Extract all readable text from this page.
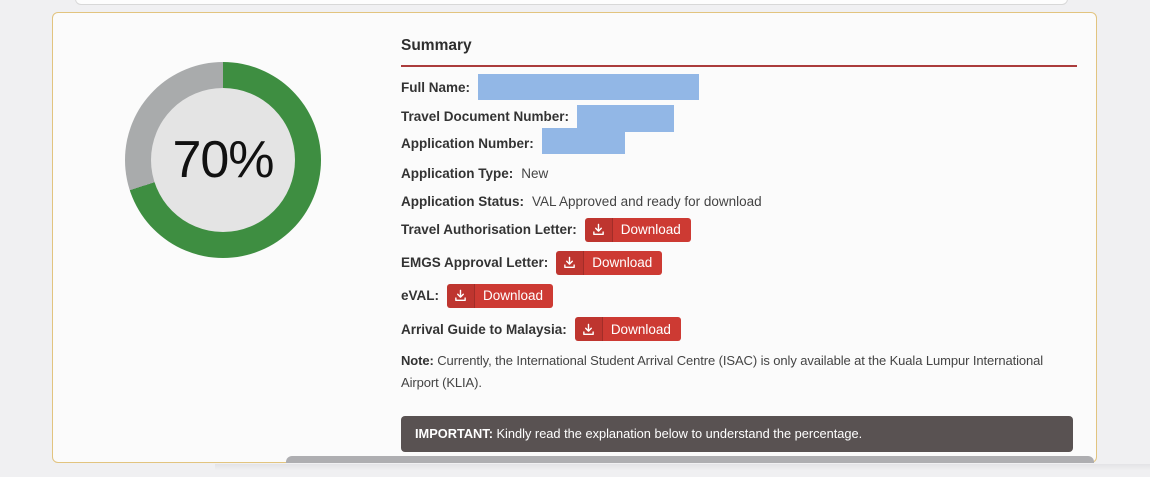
70%
Summary
Full Name:
Travel Document Number:
Application Number:
Application Type: New
Application Status: VAL Approved and ready for download
Travel Authorisation Letter:	Download
EMGS Approval Letter:	Download
eVAL:	Download
Arrival Guide to Malaysia:	Download

Note: Currently, the International Student Arrival Centre (ISAC) is only available at the Kuala Lumpur International Airport (KLIA).

IMPORTANT: Kindly read the explanation below to understand the percentage.
